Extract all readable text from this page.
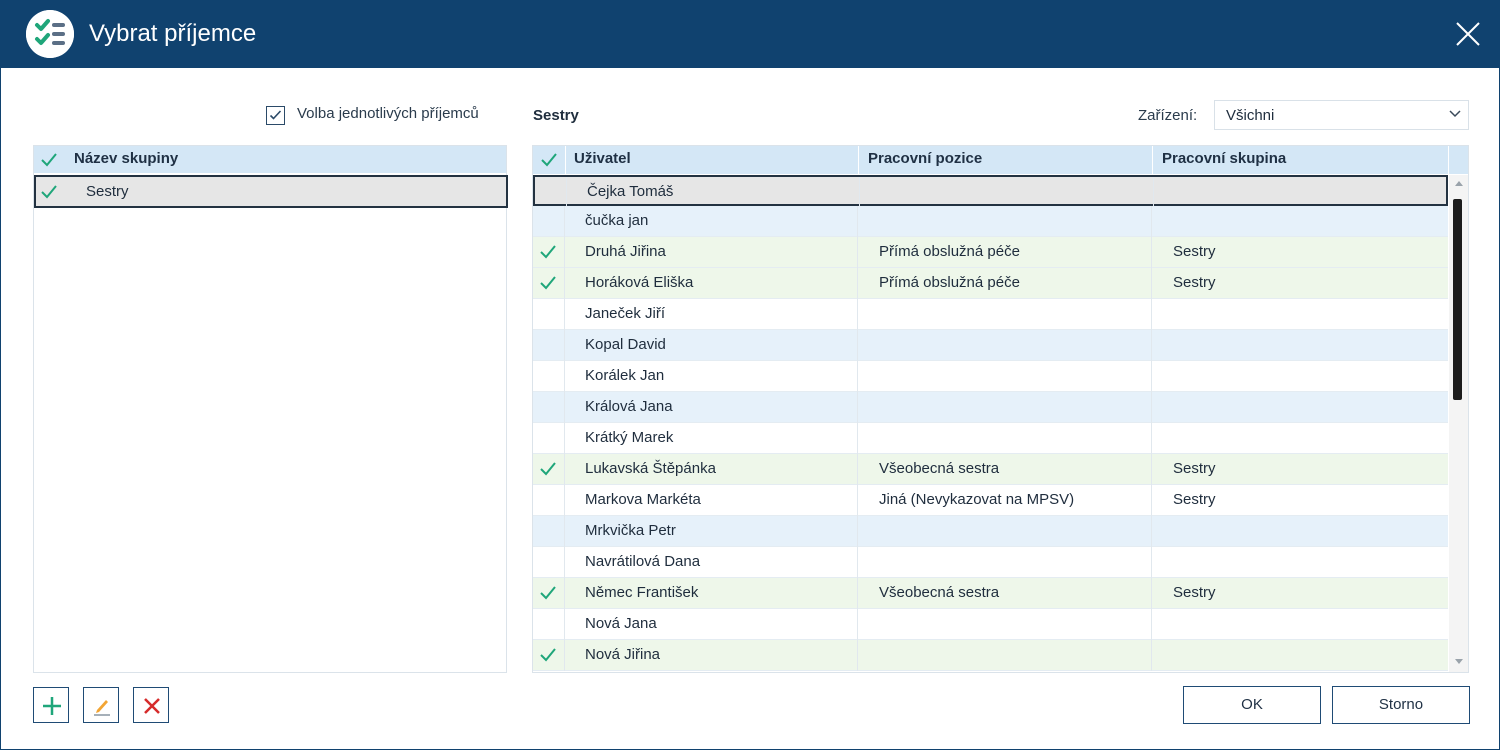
Vybrat příjemce
Volba jednotlivých příjemců
Název skupiny
Sestry
Sestry	Zařízení: Všichni
Uživatel	Pracovní pozice	Pracovní skupina
Čejka Tomáš
čučka jan
Druhá Jiřina	Přímá obslužná péče	Sestry
Horáková Eliška	Přímá obslužná péče	Sestry
Janeček Jiří
Kopal David
Korálek Jan
Králová Jana
Krátký Marek
Lukavská Štěpánka	Všeobecná sestra	Sestry
Markova Markéta	Jiná (Nevykazovat na MPSV)	Sestry
Mrkvička Petr
Navrátilová Dana
Němec František	Všeobecná sestra	Sestry
Nová Jana
Nová Jiřina
OK	Storno
